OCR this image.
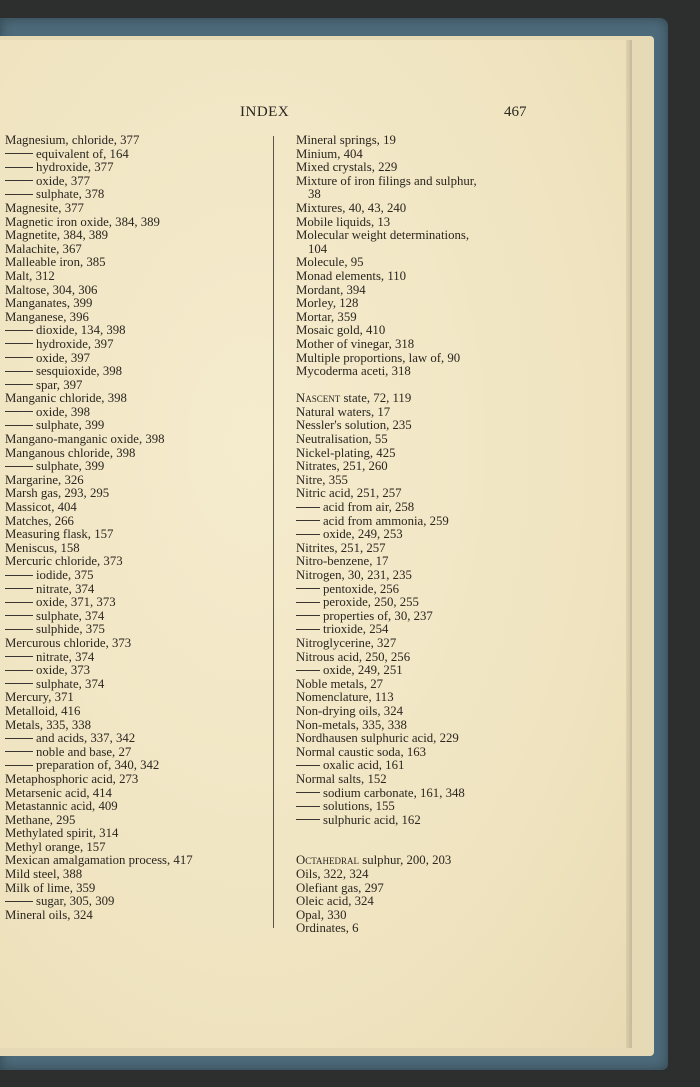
INDEX	467
Magnesium, chloride, 377
equivalent of, 164
hydroxide, 377
oxide, 377
sulphate, 378
Magnesite, 377
Magnetic iron oxide, 384, 389
Magnetite, 384, 389
Malachite, 367
Malleable iron, 385
Malt, 312
Maltose, 304, 306
Manganates, 399
Manganese, 396
dioxide, 134, 398
hydroxide, 397
oxide, 397
sesquioxide, 398
spar, 397
Manganic chloride, 398
oxide, 398
sulphate, 399
Mangano-manganic oxide, 398
Manganous chloride, 398
sulphate, 399
Margarine, 326
Marsh gas, 293, 295
Massicot, 404
Matches, 266
Measuring flask, 157
Meniscus, 158
Mercuric chloride, 373
iodide, 375
nitrate, 374
oxide, 371, 373
sulphate, 374
sulphide, 375
Mercurous chloride, 373
nitrate, 374
oxide, 373
sulphate, 374
Mercury, 371
Metalloid, 416
Metals, 335, 338
and acids, 337, 342
noble and base, 27
preparation of, 340, 342
Metaphosphoric acid, 273
Metarsenic acid, 414
Metastannic acid, 409
Methane, 295
Methylated spirit, 314
Methyl orange, 157
Mexican amalgamation process, 417
Mild steel, 388
Milk of lime, 359
sugar, 305, 309
Mineral oils, 324
Mineral springs, 19
Minium, 404
Mixed crystals, 229
Mixture of iron filings and sulphur,
38
Mixtures, 40, 43, 240
Mobile liquids, 13
Molecular weight determinations,
104
Molecule, 95
Monad elements, 110
Mordant, 394
Morley, 128
Mortar, 359
Mosaic gold, 410
Mother of vinegar, 318
Multiple proportions, law of, 90
Mycoderma aceti, 318
Nascent state, 72, 119
Natural waters, 17
Nessler's solution, 235
Neutralisation, 55
Nickel-plating, 425
Nitrates, 251, 260
Nitre, 355
Nitric acid, 251, 257
acid from air, 258
acid from ammonia, 259
oxide, 249, 253
Nitrites, 251, 257
Nitro-benzene, 17
Nitrogen, 30, 231, 235
pentoxide, 256
peroxide, 250, 255
properties of, 30, 237
trioxide, 254
Nitroglycerine, 327
Nitrous acid, 250, 256
oxide, 249, 251
Noble metals, 27
Nomenclature, 113
Non-drying oils, 324
Non-metals, 335, 338
Nordhausen sulphuric acid, 229
Normal caustic soda, 163
oxalic acid, 161
Normal salts, 152
sodium carbonate, 161, 348
solutions, 155
sulphuric acid, 162
Octahedral sulphur, 200, 203
Oils, 322, 324
Olefiant gas, 297
Oleic acid, 324
Opal, 330
Ordinates, 6
